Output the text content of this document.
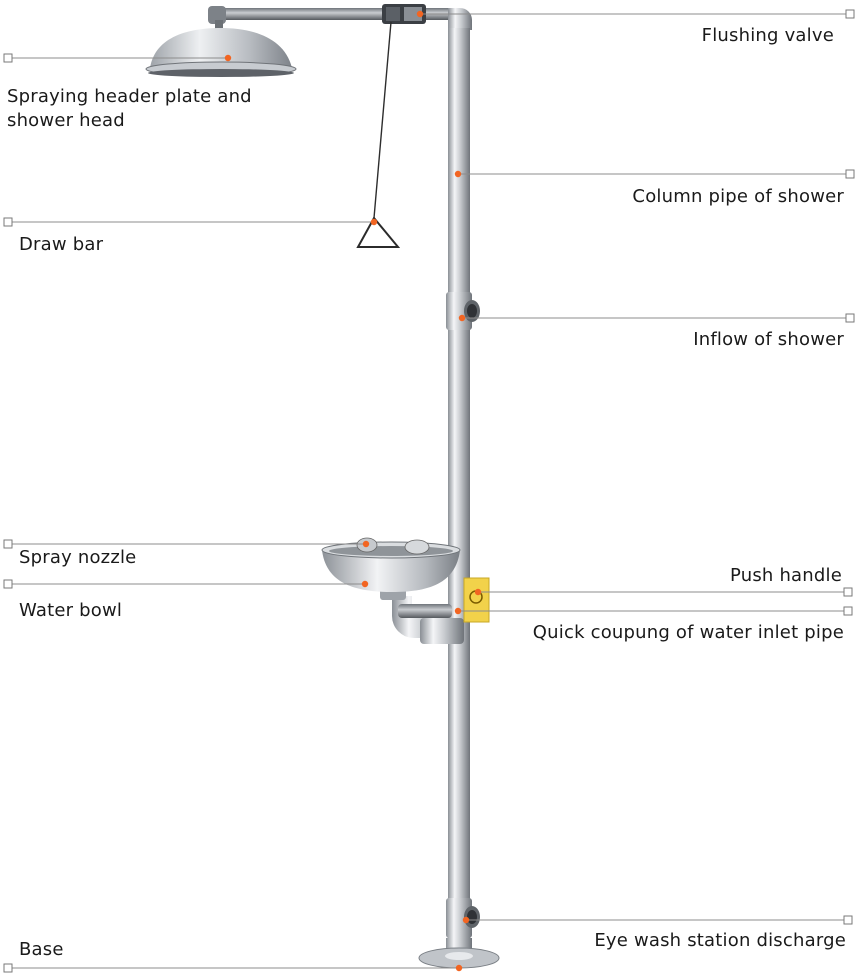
Spraying header plate and
shower head
Draw bar
Spray nozzle
Water bowl
Base
Flushing valve
Column pipe of shower
Inflow of shower
Push handle
Quick coupung of water inlet pipe
Eye wash station discharge
